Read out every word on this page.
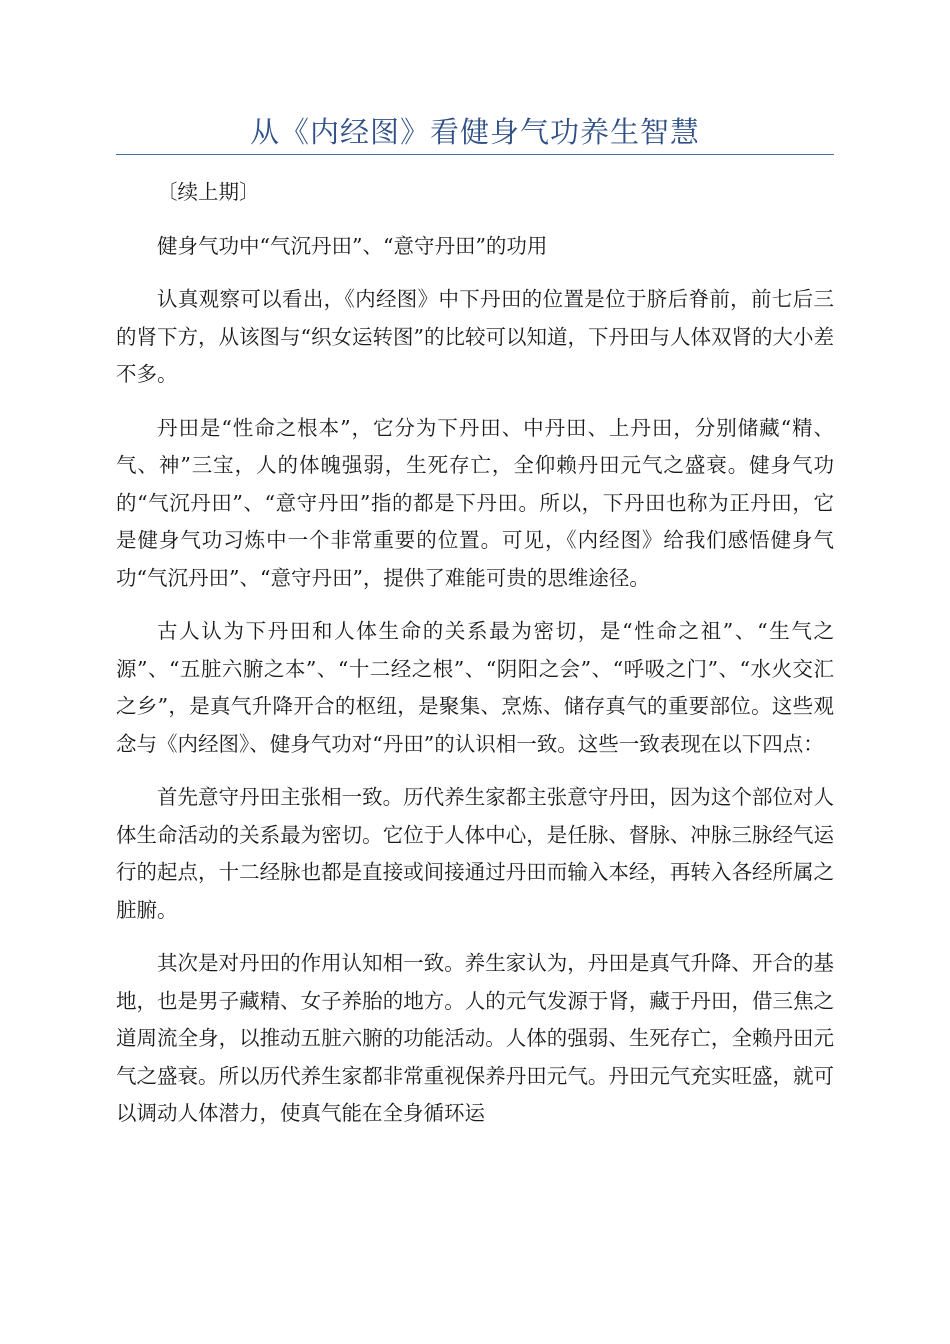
从《内经图》看健身气功养生智慧

〔续上期〕

健身气功中“气沉丹田”、“意守丹田”的功用

认真观察可以看出，《内经图》中下丹田的位置是位于脐后脊前，前七后三的肾下方，从该图与“织女运转图”的比较可以知道，下丹田与人体双肾的大小差不多。

丹田是“性命之根本”，它分为下丹田、中丹田、上丹田，分别储藏“精、气、神”三宝，人的体魄强弱，生死存亡，全仰赖丹田元气之盛衰。健身气功的“气沉丹田”、“意守丹田”指的都是下丹田。所以，下丹田也称为正丹田，它是健身气功习炼中一个非常重要的位置。可见，《内经图》给我们感悟健身气功“气沉丹田”、“意守丹田”，提供了难能可贵的思维途径。

古人认为下丹田和人体生命的关系最为密切，是“性命之祖”、“生气之源”、“五脏六腑之本”、“十二经之根”、“阴阳之会”、“呼吸之门”、“水火交汇之乡”，是真气升降开合的枢纽，是聚集、烹炼、储存真气的重要部位。这些观念与《内经图》、健身气功对“丹田”的认识相一致。这些一致表现在以下四点：

首先意守丹田主张相一致。历代养生家都主张意守丹田，因为这个部位对人体生命活动的关系最为密切。它位于人体中心，是任脉、督脉、冲脉三脉经气运行的起点，十二经脉也都是直接或间接通过丹田而输入本经，再转入各经所属之脏腑。

其次是对丹田的作用认知相一致。养生家认为，丹田是真气升降、开合的基地，也是男子藏精、女子养胎的地方。人的元气发源于肾，藏于丹田，借三焦之道周流全身，以推动五脏六腑的功能活动。人体的强弱、生死存亡，全赖丹田元气之盛衰。所以历代养生家都非常重视保养丹田元气。丹田元气充实旺盛，就可以调动人体潜力，使真气能在全身循环运
